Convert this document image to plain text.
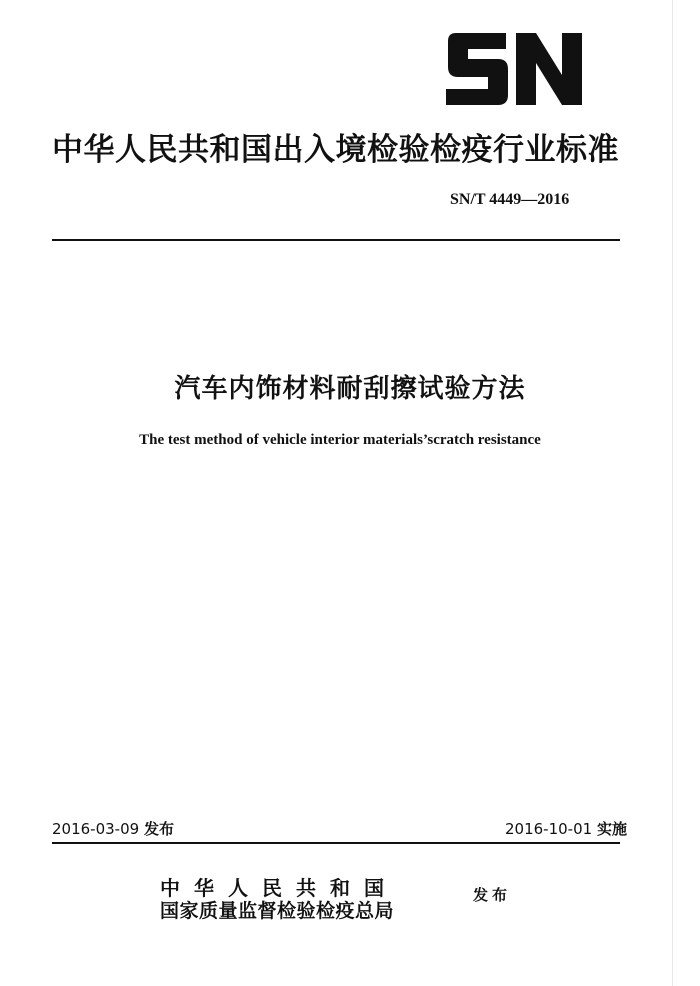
中华人民共和国出入境检验检疫行业标准
SN/T 4449—2016
汽车内饰材料耐刮擦试验方法
The test method of vehicle interior materials’scratch resistance
2016-03-09 发布	2016-10-01 实施
中华人民共和国
国家质量监督检验检疫总局
发布
